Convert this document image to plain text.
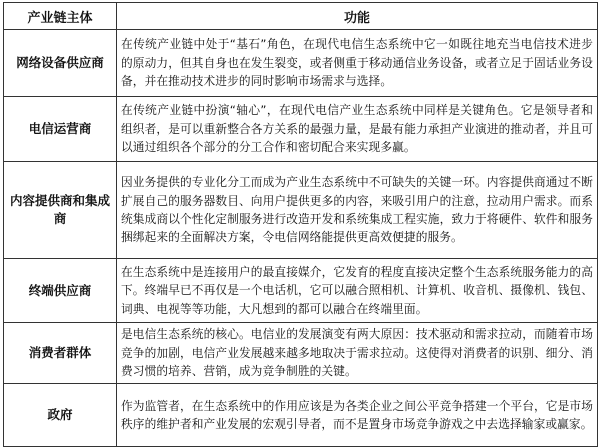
产业链主体	功能
网络设备供应商	在传统产业链中处于“基石”角色，在现代电信生态系统中它一如既往地充当电信技术进步的原动力，但其自身也在发生裂变，或者侧重于移动通信业务设备，或者立足于固话业务设备，并在推动技术进步的同时影响市场需求与选择。
电信运营商	在传统产业链中扮演“轴心”，在现代电信产业生态系统中同样是关键角色。它是领导者和组织者，是可以重新整合各方关系的最强力量，是最有能力承担产业演进的推动者，并且可以通过组织各个部分的分工合作和密切配合来实现多赢。
内容提供商和集成商	因业务提供的专业化分工而成为产业生态系统中不可缺失的关键一环。内容提供商通过不断扩展自己的服务器数目、向用户提供更多的内容，来吸引用户的注意，拉动用户需求。而系统集成商以个性化定制服务进行改造开发和系统集成工程实施，致力于将硬件、软件和服务捆绑起来的全面解决方案，令电信网络能提供更高效便捷的服务。
终端供应商	在生态系统中是连接用户的最直接媒介，它发育的程度直接决定整个生态系统服务能力的高下。终端早已不再仅是一个电话机，它可以融合照相机、计算机、收音机、摄像机、钱包、词典、电视等等功能，大凡想到的都可以融合在终端里面。
消费者群体	是电信生态系统的核心。电信业的发展演变有两大原因：技术驱动和需求拉动，而随着市场竞争的加剧，电信产业发展越来越多地取决于需求拉动。这使得对消费者的识别、细分、消费习惯的培养、营销，成为竞争制胜的关键。
政府	作为监管者，在生态系统中的作用应该是为各类企业之间公平竞争搭建一个平台，它是市场秩序的维护者和产业发展的宏观引导者，而不是置身市场竞争游戏之中去选择输家或赢家。
